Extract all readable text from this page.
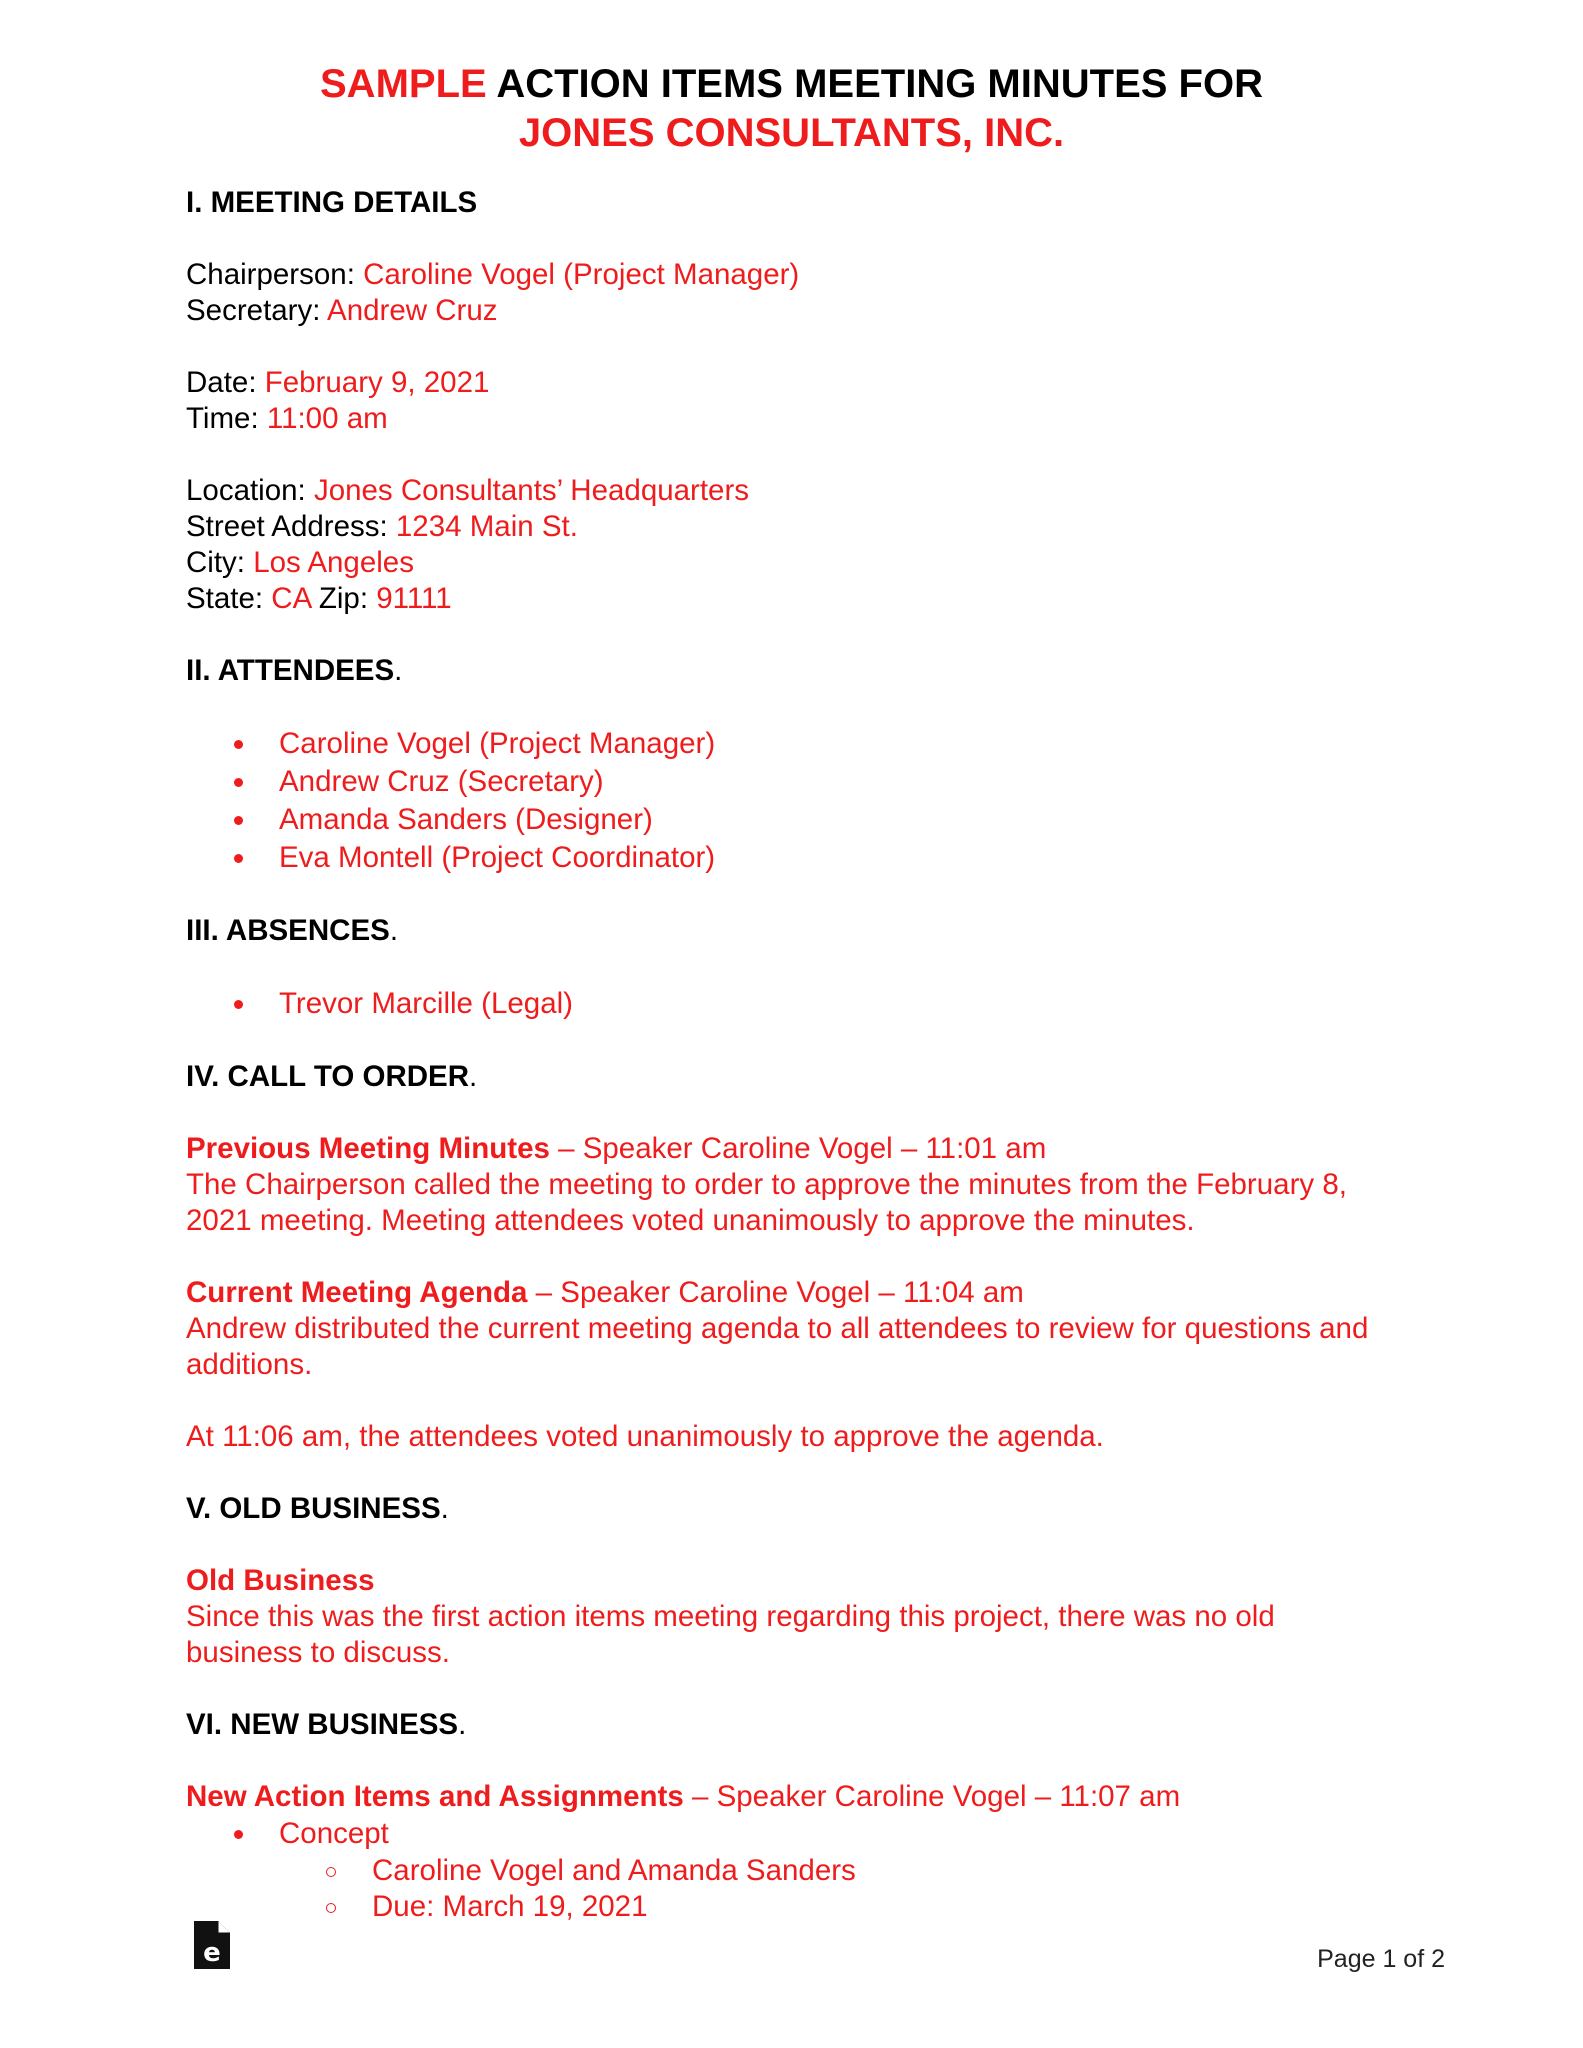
SAMPLE ACTION ITEMS MEETING MINUTES FOR
JONES CONSULTANTS, INC.

I. MEETING DETAILS

Chairperson: Caroline Vogel (Project Manager)

Secretary: Andrew Cruz

Date: February 9, 2021

Time: 11:00 am

Location: Jones Consultants’ Headquarters

Street Address: 1234 Main St.

City: Los Angeles

State: CA Zip: 91111

II. ATTENDEES.

Caroline Vogel (Project Manager)
Andrew Cruz (Secretary)
Amanda Sanders (Designer)
Eva Montell (Project Coordinator)

III. ABSENCES.

Trevor Marcille (Legal)

IV. CALL TO ORDER.

Previous Meeting Minutes – Speaker Caroline Vogel – 11:01 am

The Chairperson called the meeting to order to approve the minutes from the February 8, 2021 meeting. Meeting attendees voted unanimously to approve the minutes.

Current Meeting Agenda – Speaker Caroline Vogel – 11:04 am

Andrew distributed the current meeting agenda to all attendees to review for questions and additions.

At 11:06 am, the attendees voted unanimously to approve the agenda.

V. OLD BUSINESS.

Old Business

Since this was the first action items meeting regarding this project, there was no old business to discuss.

VI. NEW BUSINESS.

New Action Items and Assignments – Speaker Caroline Vogel – 11:07 am

Concept
Caroline Vogel and Amanda Sanders
Due: March 19, 2021
e	Page 1 of 2
